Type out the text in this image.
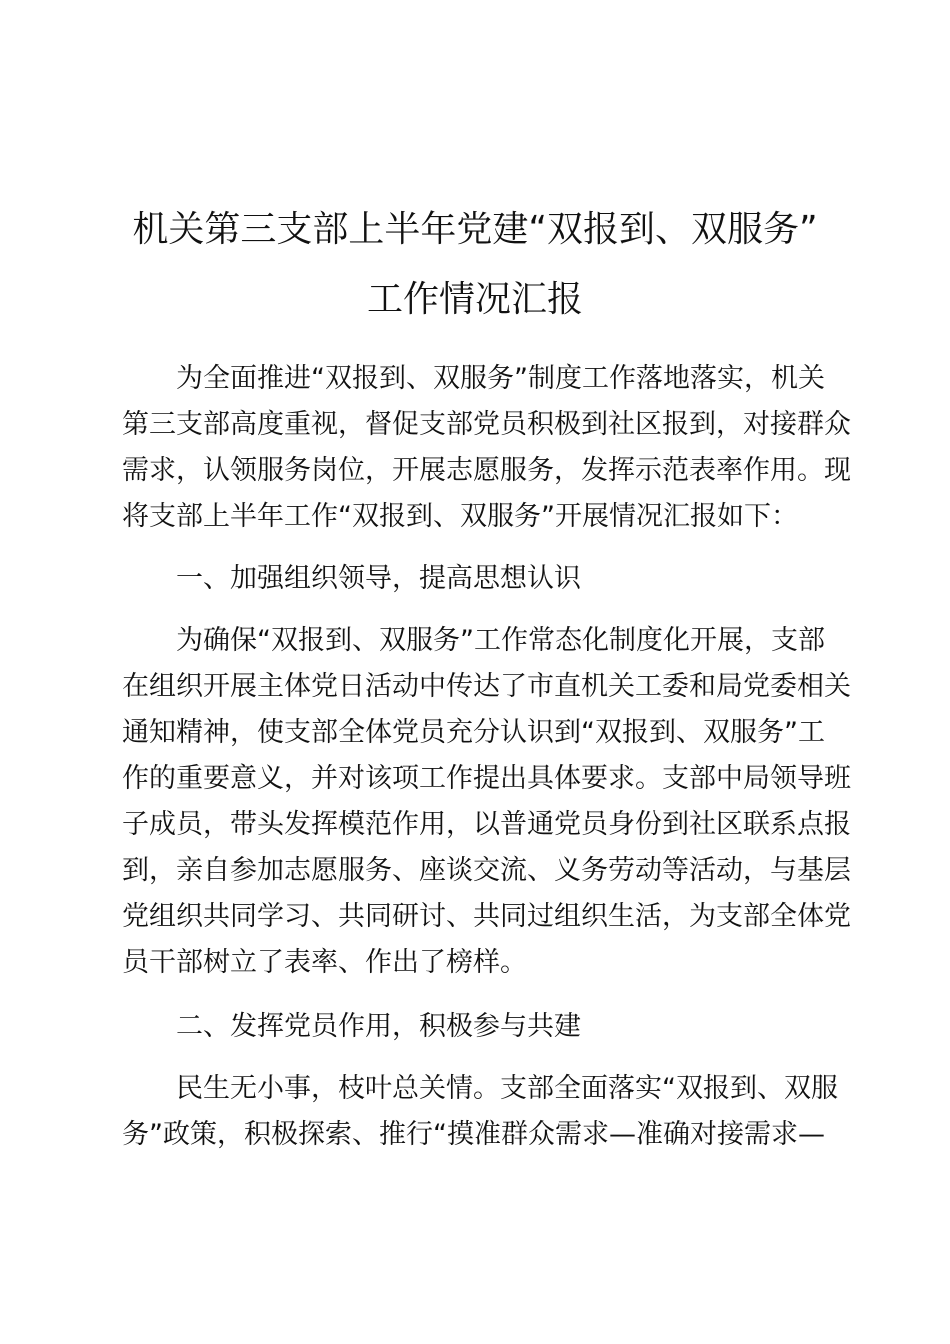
机关第三支部上半年党建“双报到、双服务”
工作情况汇报
为全面推进“双报到、双服务”制度工作落地落实，机关
第三支部高度重视，督促支部党员积极到社区报到，对接群众
需求，认领服务岗位，开展志愿服务，发挥示范表率作用。现
将支部上半年工作“双报到、双服务”开展情况汇报如下：
一、加强组织领导，提高思想认识
为确保“双报到、双服务”工作常态化制度化开展，支部
在组织开展主体党日活动中传达了市直机关工委和局党委相关
通知精神，使支部全体党员充分认识到“双报到、双服务”工
作的重要意义，并对该项工作提出具体要求。支部中局领导班
子成员，带头发挥模范作用，以普通党员身份到社区联系点报
到，亲自参加志愿服务、座谈交流、义务劳动等活动，与基层
党组织共同学习、共同研讨、共同过组织生活，为支部全体党
员干部树立了表率、作出了榜样。
二、发挥党员作用，积极参与共建
民生无小事，枝叶总关情。支部全面落实“双报到、双服
务”政策，积极探索、推行“摸准群众需求—准确对接需求—
